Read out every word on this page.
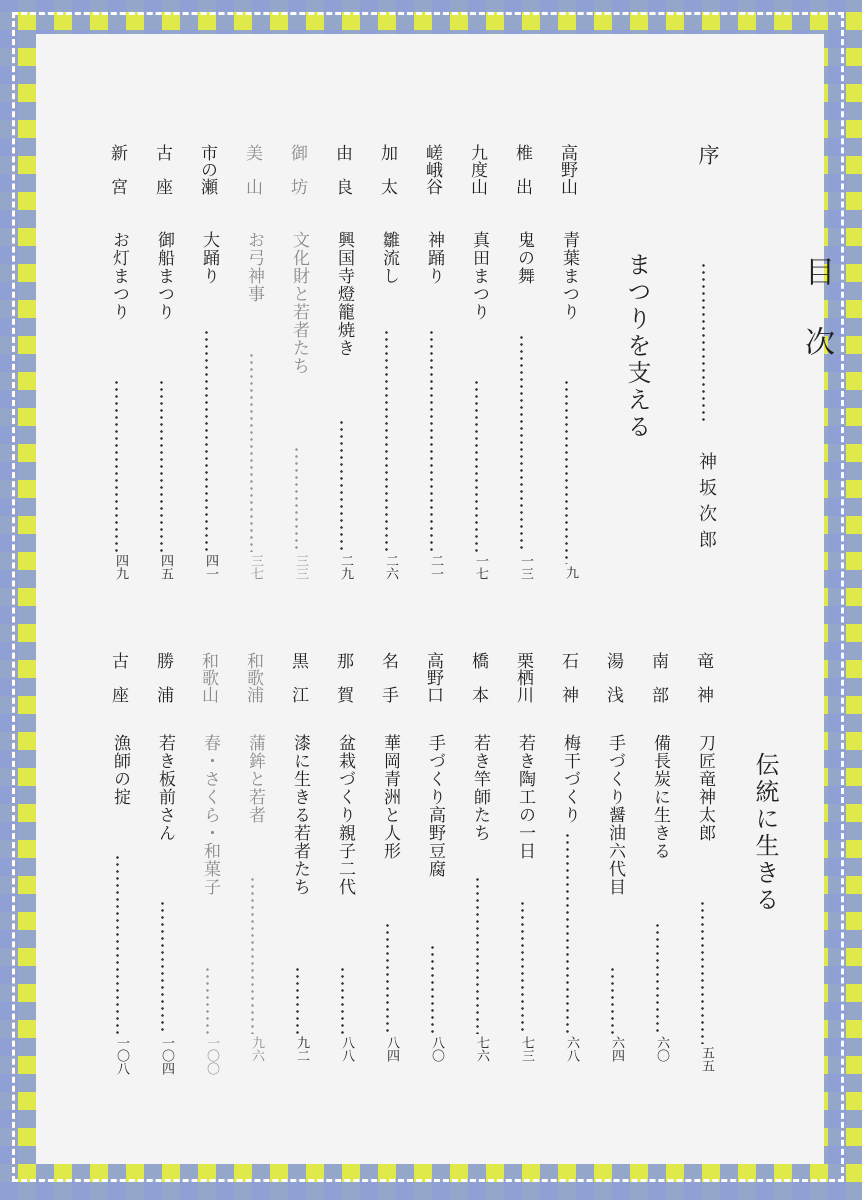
目
次
序
神坂次郎
まつりを支える
伝統に生きる
高野山
青葉まつり
九
椎　出
鬼の舞
一三
九度山
真田まつり
一七
嵯峨谷
神踊り
二一
加　太
雛流し
二六
由　良
興国寺燈籠焼き
二九
御　坊
文化財と若者たち
三三
美　山
お弓神事
三七
市の瀬
大踊り
四一
古　座
御船まつり
四五
新　宮
お灯まつり
四九
竜　神
刀匠竜神太郎
五五
南　部
備長炭に生きる
六〇
湯　浅
手づくり醤油六代目
六四
石　神
梅干づくり
六八
栗栖川
若き陶工の一日
七三
橋　本
若き竿師たち
七六
高野口
手づくり高野豆腐
八〇
名　手
華岡青洲と人形
八四
那　賀
盆栽づくり親子二代
八八
黒　江
漆に生きる若者たち
九二
和歌浦
蒲鉾と若者
九六
和歌山
春・さくら・和菓子
一〇〇
勝　浦
若き板前さん
一〇四
古　座
漁師の掟
一〇八
